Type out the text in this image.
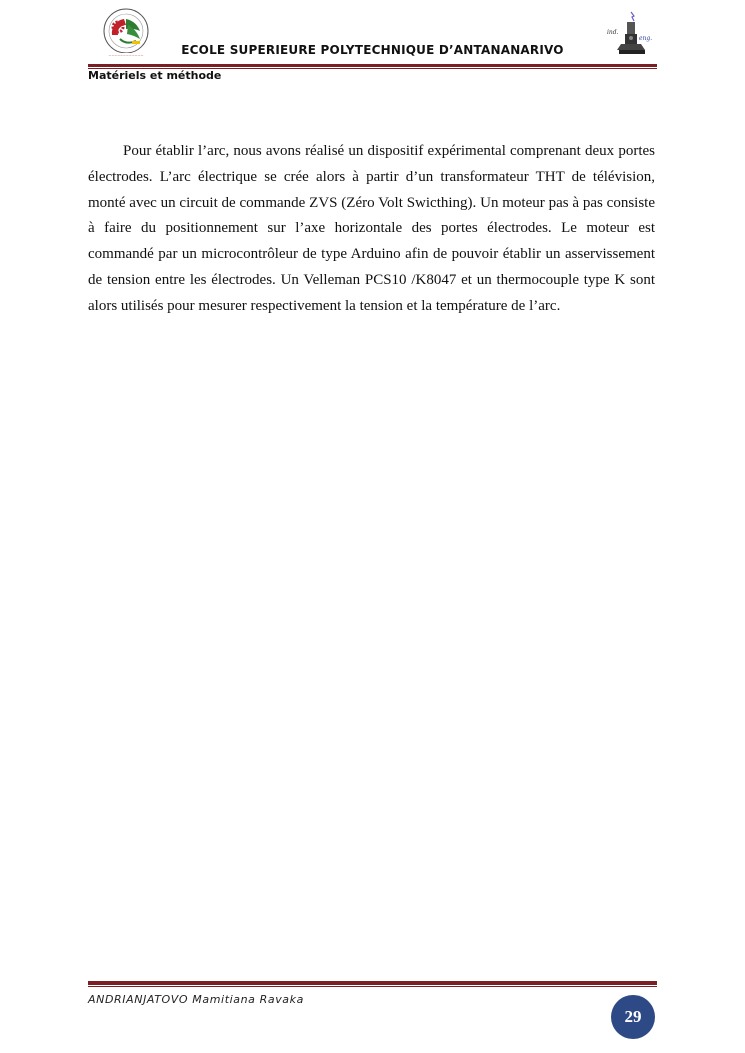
~~~~~~~~~~~~	ECOLE SUPERIEURE POLYTECHNIQUE D’ANTANANARIVO
ind.
eng.
Matériels et méthode

Pour établir l’arc, nous avons réalisé un dispositif expérimental comprenant deux portes électrodes. L’arc électrique se crée alors à partir d’un transformateur THT de télévision, monté avec un circuit de commande ZVS (Zéro Volt Swicthing). Un moteur pas à pas consiste à faire du positionnement sur l’axe horizontale des portes électrodes. Le moteur est commandé par un microcontrôleur de type Arduino afin de pouvoir établir un asservissement de tension entre les électrodes. Un Velleman PCS10 /K8047 et un thermocouple type K sont alors utilisés pour mesurer respectivement la tension et la température de l’arc.

ANDRIANJATOVO Mamitiana Ravaka
29
